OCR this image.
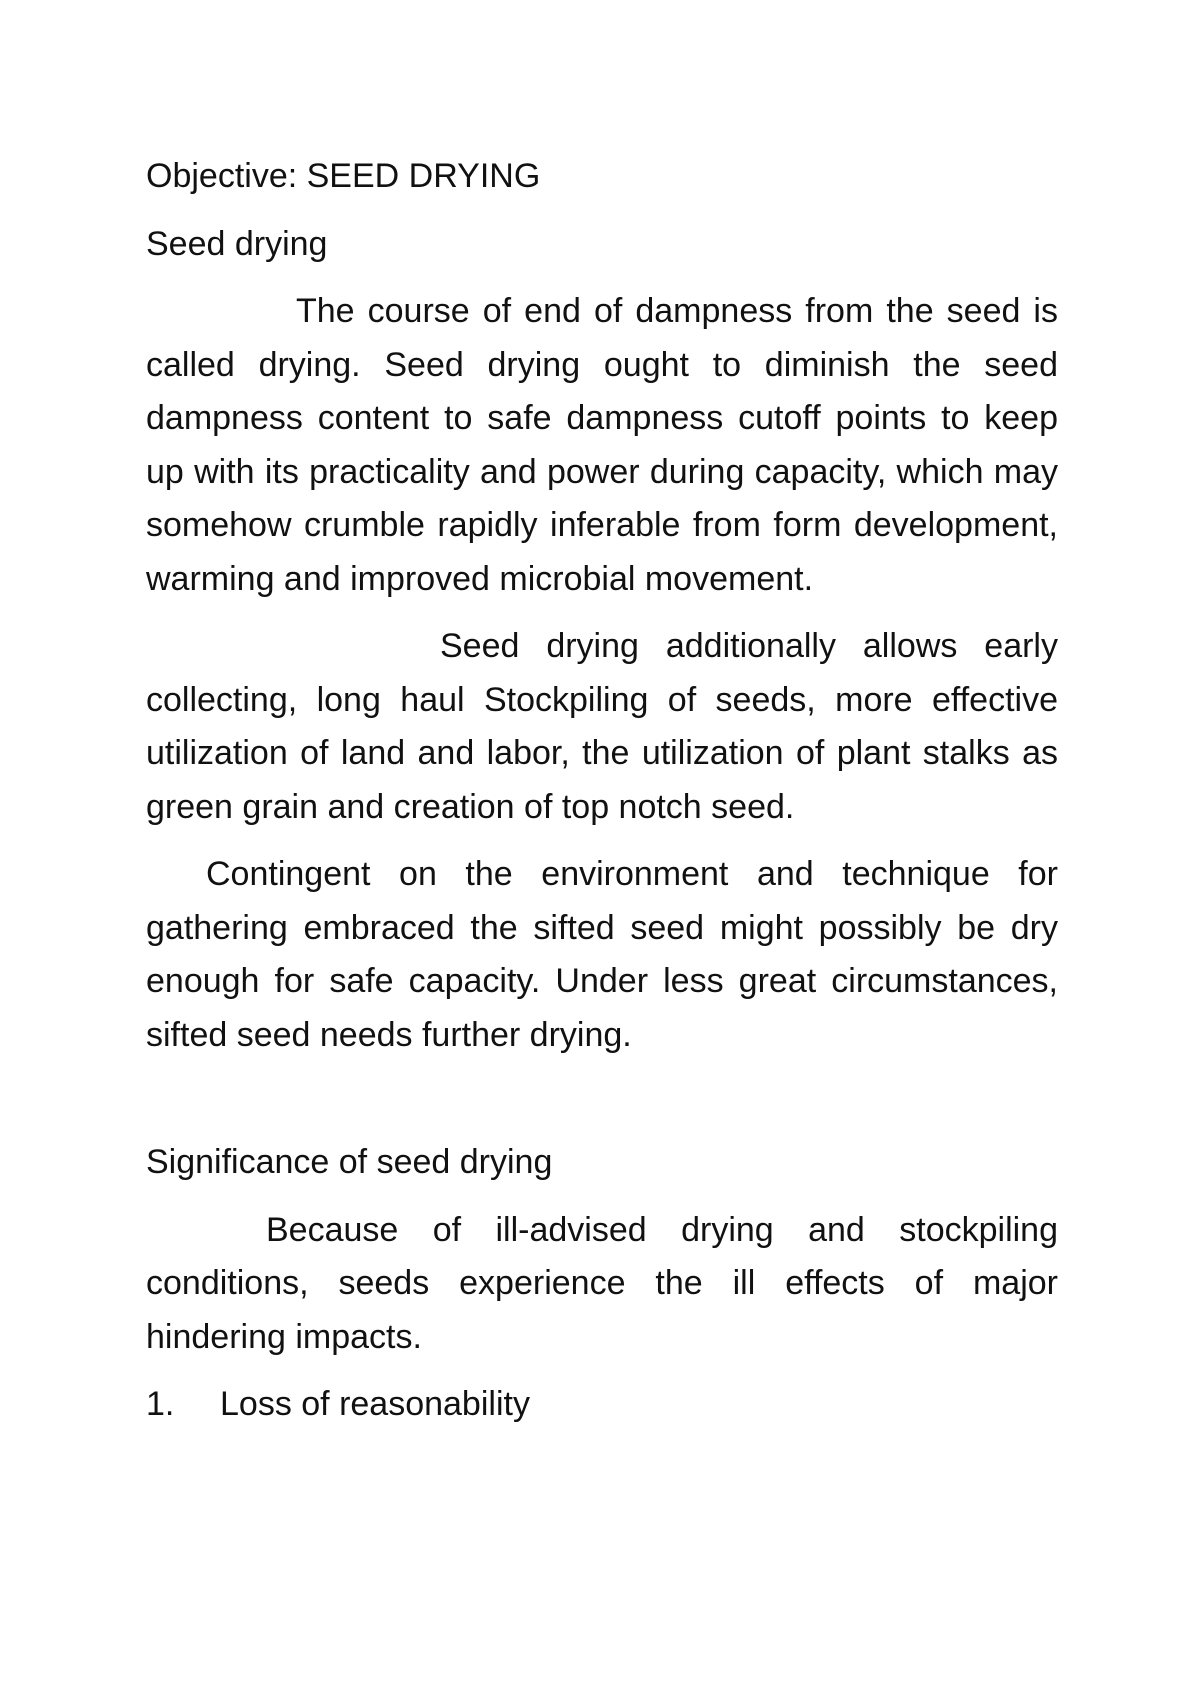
Objective: SEED DRYING

Seed drying

The course of end of dampness from the seed is called drying. Seed drying ought to diminish the seed dampness content to safe dampness cutoff points to keep up with its practicality and power during capacity, which may somehow crumble rapidly inferable from form development, warming and improved microbial movement.

Seed drying additionally allows early collecting, long haul Stockpiling of seeds, more effective utilization of land and labor, the utilization of plant stalks as green grain and creation of top notch seed.

Contingent on the environment and technique for gathering embraced the sifted seed might possibly be dry enough for safe capacity. Under less great circumstances, sifted seed needs further drying.

Significance of seed drying

Because of ill-advised drying and stockpiling conditions, seeds experience the ill effects of major hindering impacts.

1.	Loss of reasonability
